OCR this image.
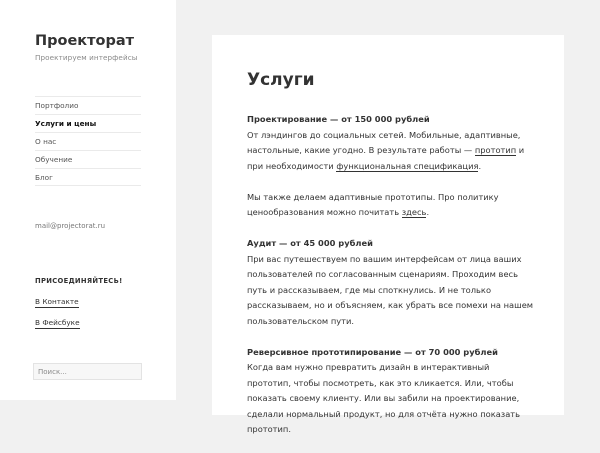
Проекторат
Проектируем интерфейсы
Портфолио
Услуги и цены
О нас
Обучение
Блог
mail@projectorat.ru
ПРИСОЕДИНЯЙТЕСЬ!
В Контакте
В Фейсбуке
Поиск...
Услуги

Проектирование — от 150 000 рублей
От лэндингов до социальных сетей. Мобильные, адаптивные,
настольные, какие угодно. В результате работы — прототип и
при необходимости функциональная спецификация.

Мы также делаем адаптивные прототипы. Про политику
ценообразования можно почитать здесь.

Аудит — от 45 000 рублей
При вас путешествуем по вашим интерфейсам от лица ваших
пользователей по согласованным сценариям. Проходим весь
путь и рассказываем, где мы споткнулись. И не только
рассказываем, но и объясняем, как убрать все помехи на нашем
пользовательском пути.

Реверсивное прототипирование — от 70 000 рублей
Когда вам нужно превратить дизайн в интерактивный
прототип, чтобы посмотреть, как это кликается. Или, чтобы
показать своему клиенту. Или вы забили на проектирование,
сделали нормальный продукт, но для отчёта нужно показать
прототип.
